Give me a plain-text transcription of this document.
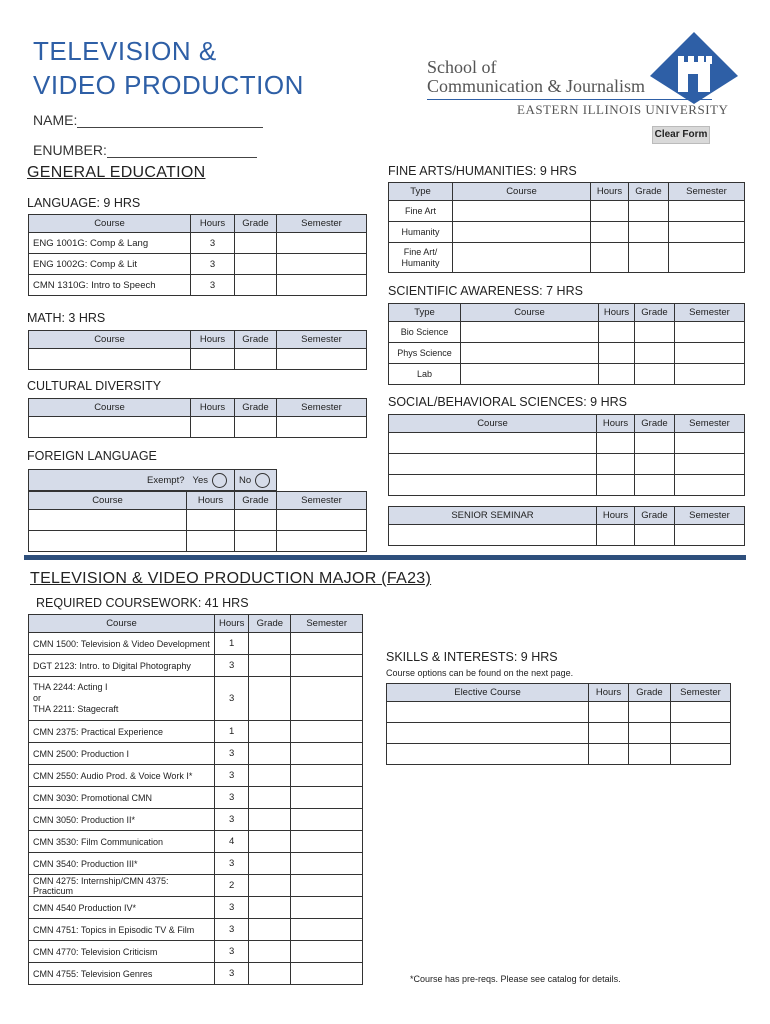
TELEVISION &
VIDEO PRODUCTION
NAME:
ENUMBER:
School of
Communication & Journalism
EASTERN ILLINOIS UNIVERSITY
Clear Form
GENERAL EDUCATION
LANGUAGE: 9 HRS
Course	Hours	Grade	Semester
ENG 1001G: Comp & Lang	3		
ENG 1002G: Comp & Lit	3		
CMN 1310G: Intro to Speech	3		
MATH: 3 HRS
Course	Hours	Grade	Semester

CULTURAL DIVERSITY
Course	Hours	Grade	Semester

FOREIGN LANGUAGE
Exempt?	Yes	No	
Course	Hours	Grade	Semester

FINE ARTS/HUMANITIES: 9 HRS
Type	Course	Hours	Grade	Semester
Fine Art				
Humanity				
Fine Art/
Humanity				
SCIENTIFIC AWARENESS: 7 HRS
Type	Course	Hours	Grade	Semester
Bio Science				
Phys Science				
Lab				
SOCIAL/BEHAVIORAL SCIENCES: 9 HRS
Course	Hours	Grade	Semester

SENIOR SEMINAR	Hours	Grade	Semester

TELEVISION & VIDEO PRODUCTION MAJOR (FA23)
REQUIRED COURSEWORK: 41 HRS
Course	Hours	Grade	Semester
CMN 1500: Television & Video Development	1		
DGT 2123: Intro. to Digital Photography	3		
THA 2244: Acting I
or
THA 2211: Stagecraft	3		
CMN 2375: Practical Experience	1		
CMN 2500: Production I	3		
CMN 2550: Audio Prod. & Voice Work I*	3		
CMN 3030: Promotional CMN	3		
CMN 3050: Production II*	3		
CMN 3530: Film Communication	4		
CMN 3540: Production III*	3		
CMN 4275: Internship/CMN 4375: Practicum	2		
CMN 4540 Production IV*	3		
CMN 4751: Topics in Episodic TV & Film	3		
CMN 4770: Television Criticism	3		
CMN 4755: Television Genres	3		
SKILLS & INTERESTS: 9 HRS
Course options can be found on the next page.
Elective Course	Hours	Grade	Semester

*Course has pre-reqs. Please see catalog for details.
